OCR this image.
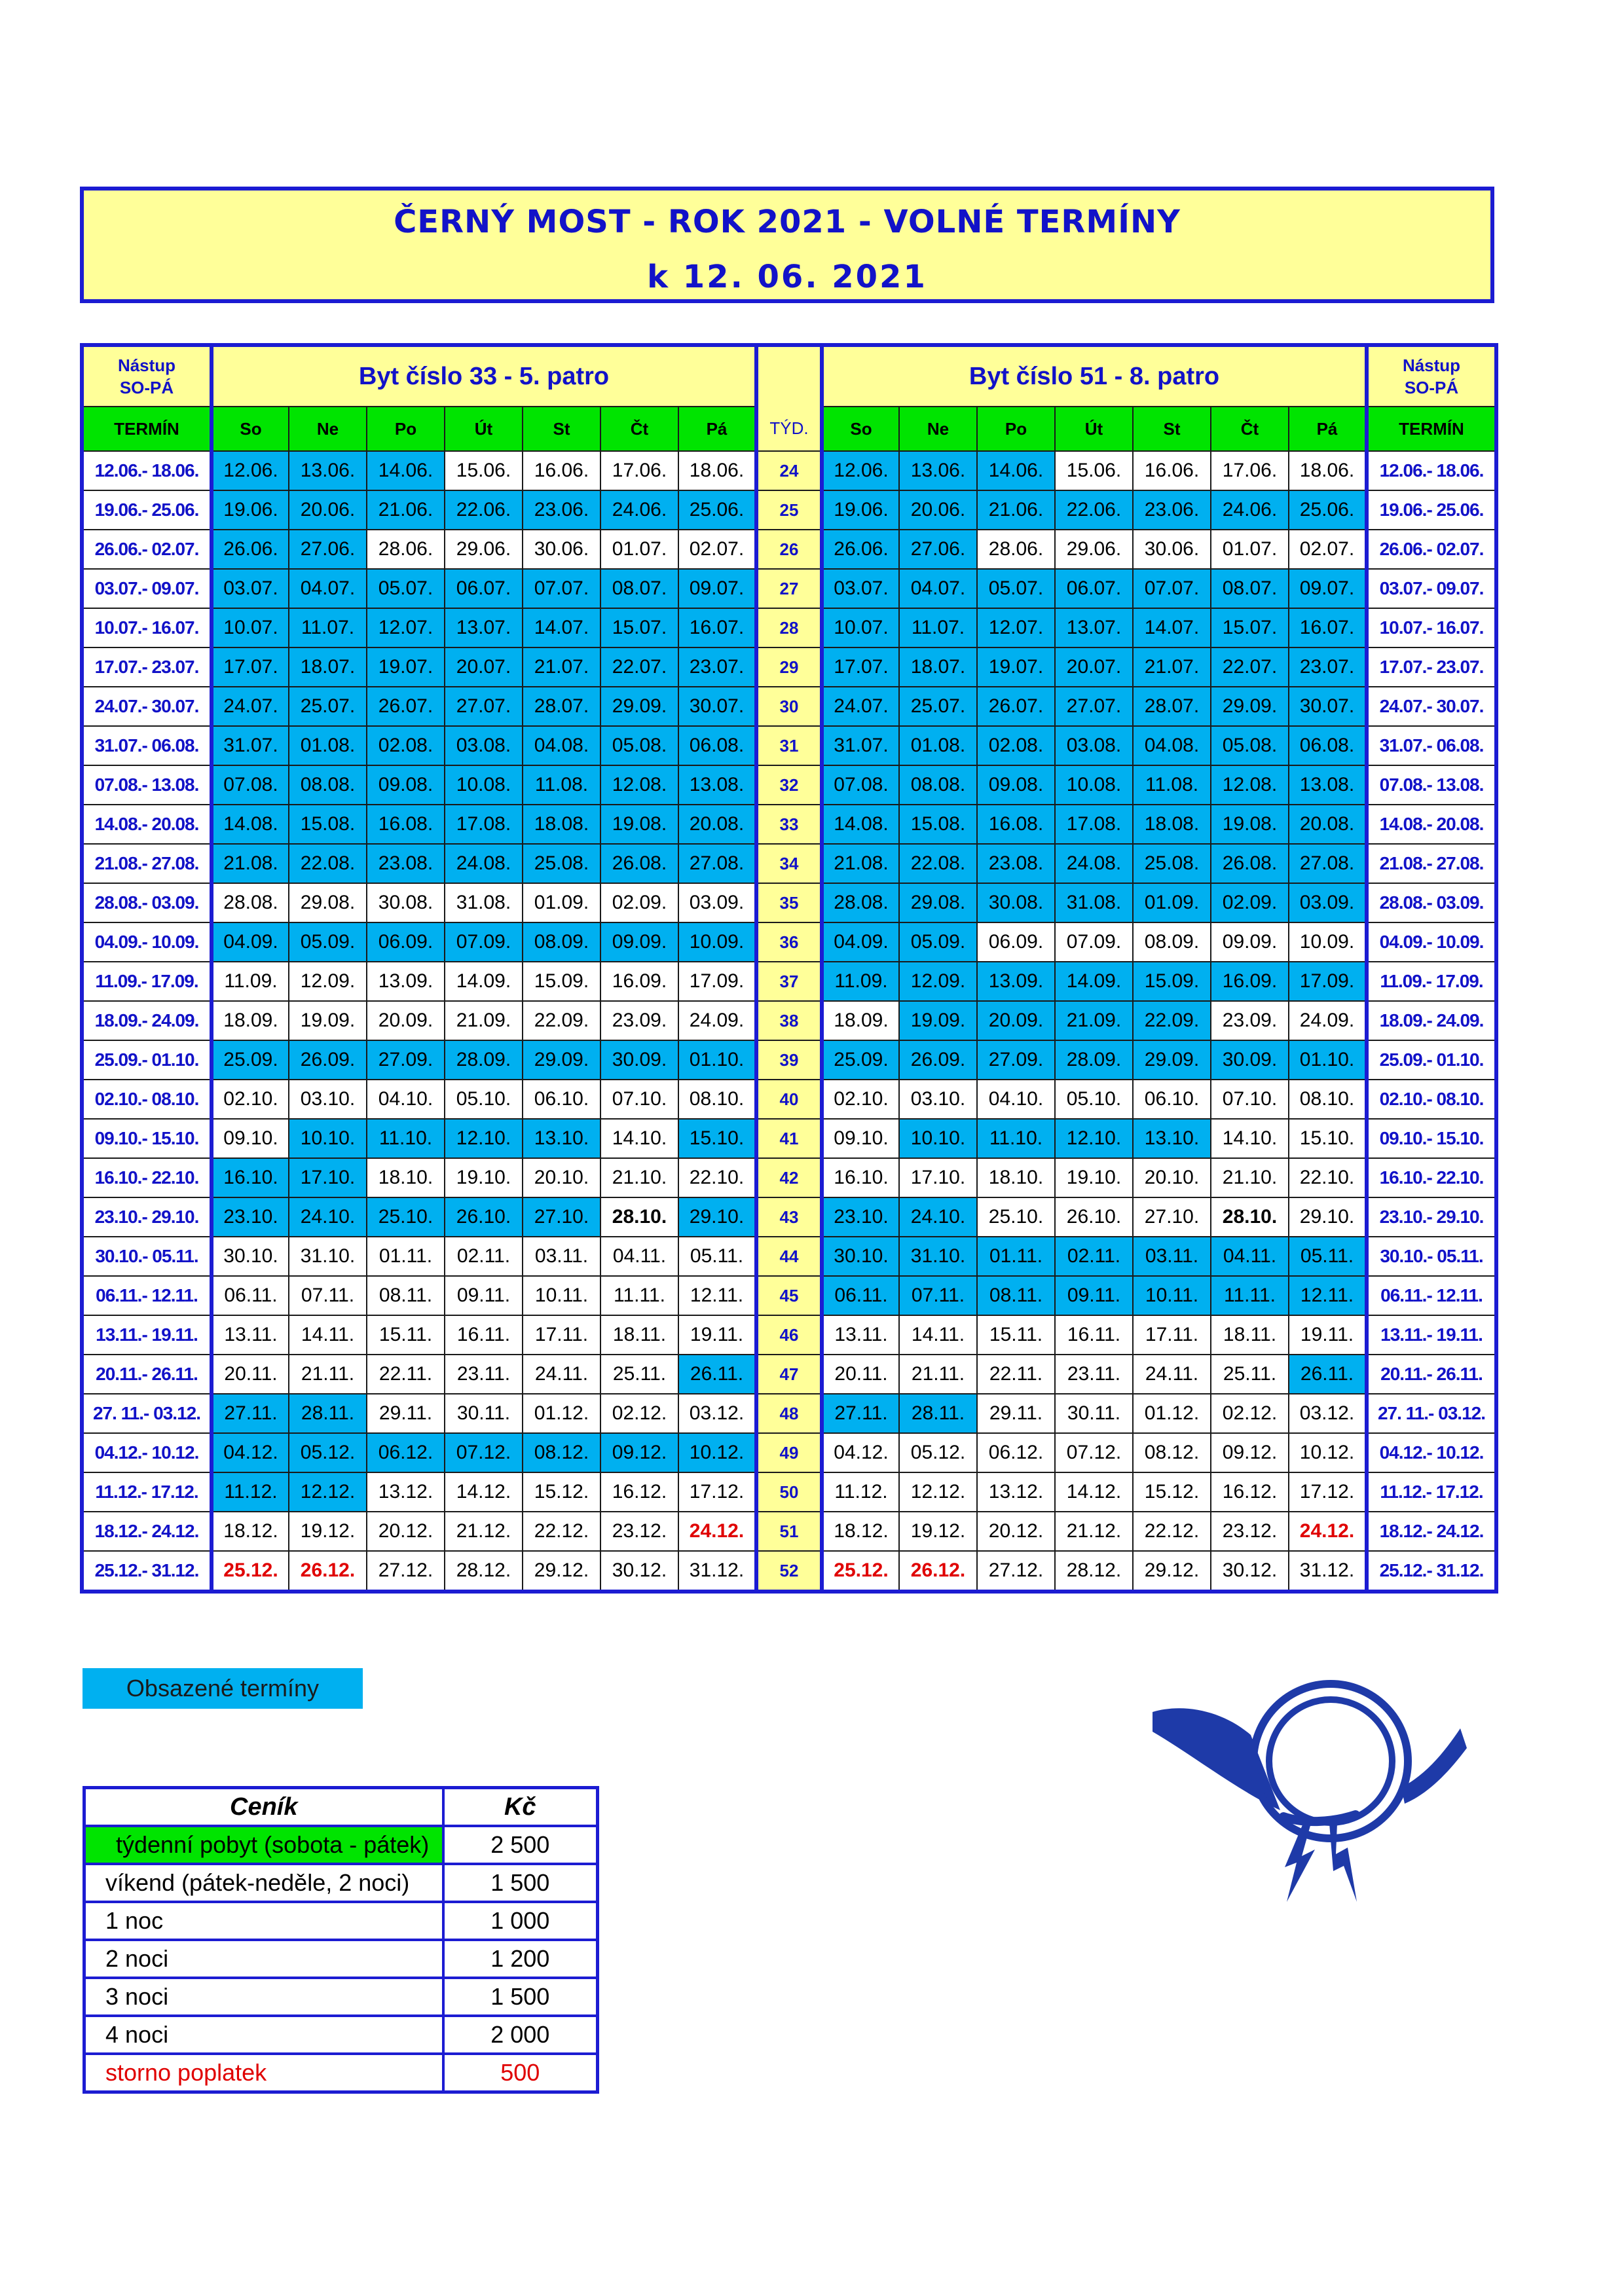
ČERNÝ MOST - ROK 2021 - VOLNÉ TERMÍNY
k 12. 06. 2021
Nástup
SO-PÁ	Byt číslo 33 - 5. patro							TÝD.	Byt číslo 51 - 8. patro							Nástup
SO-PÁ
TERMÍN	So	Ne	Po	Út	St	Čt	Pá		So	Ne	Po	Út	St	Čt	Pá	TERMÍN
12.06.- 18.06.	12.06.	13.06.	14.06.	15.06.	16.06.	17.06.	18.06.	24	12.06.	13.06.	14.06.	15.06.	16.06.	17.06.	18.06.	12.06.- 18.06.
19.06.- 25.06.	19.06.	20.06.	21.06.	22.06.	23.06.	24.06.	25.06.	25	19.06.	20.06.	21.06.	22.06.	23.06.	24.06.	25.06.	19.06.- 25.06.
26.06.- 02.07.	26.06.	27.06.	28.06.	29.06.	30.06.	01.07.	02.07.	26	26.06.	27.06.	28.06.	29.06.	30.06.	01.07.	02.07.	26.06.- 02.07.
03.07.- 09.07.	03.07.	04.07.	05.07.	06.07.	07.07.	08.07.	09.07.	27	03.07.	04.07.	05.07.	06.07.	07.07.	08.07.	09.07.	03.07.- 09.07.
10.07.- 16.07.	10.07.	11.07.	12.07.	13.07.	14.07.	15.07.	16.07.	28	10.07.	11.07.	12.07.	13.07.	14.07.	15.07.	16.07.	10.07.- 16.07.
17.07.- 23.07.	17.07.	18.07.	19.07.	20.07.	21.07.	22.07.	23.07.	29	17.07.	18.07.	19.07.	20.07.	21.07.	22.07.	23.07.	17.07.- 23.07.
24.07.- 30.07.	24.07.	25.07.	26.07.	27.07.	28.07.	29.09.	30.07.	30	24.07.	25.07.	26.07.	27.07.	28.07.	29.09.	30.07.	24.07.- 30.07.
31.07.- 06.08.	31.07.	01.08.	02.08.	03.08.	04.08.	05.08.	06.08.	31	31.07.	01.08.	02.08.	03.08.	04.08.	05.08.	06.08.	31.07.- 06.08.
07.08.- 13.08.	07.08.	08.08.	09.08.	10.08.	11.08.	12.08.	13.08.	32	07.08.	08.08.	09.08.	10.08.	11.08.	12.08.	13.08.	07.08.- 13.08.
14.08.- 20.08.	14.08.	15.08.	16.08.	17.08.	18.08.	19.08.	20.08.	33	14.08.	15.08.	16.08.	17.08.	18.08.	19.08.	20.08.	14.08.- 20.08.
21.08.- 27.08.	21.08.	22.08.	23.08.	24.08.	25.08.	26.08.	27.08.	34	21.08.	22.08.	23.08.	24.08.	25.08.	26.08.	27.08.	21.08.- 27.08.
28.08.- 03.09.	28.08.	29.08.	30.08.	31.08.	01.09.	02.09.	03.09.	35	28.08.	29.08.	30.08.	31.08.	01.09.	02.09.	03.09.	28.08.- 03.09.
04.09.- 10.09.	04.09.	05.09.	06.09.	07.09.	08.09.	09.09.	10.09.	36	04.09.	05.09.	06.09.	07.09.	08.09.	09.09.	10.09.	04.09.- 10.09.
11.09.- 17.09.	11.09.	12.09.	13.09.	14.09.	15.09.	16.09.	17.09.	37	11.09.	12.09.	13.09.	14.09.	15.09.	16.09.	17.09.	11.09.- 17.09.
18.09.- 24.09.	18.09.	19.09.	20.09.	21.09.	22.09.	23.09.	24.09.	38	18.09.	19.09.	20.09.	21.09.	22.09.	23.09.	24.09.	18.09.- 24.09.
25.09.- 01.10.	25.09.	26.09.	27.09.	28.09.	29.09.	30.09.	01.10.	39	25.09.	26.09.	27.09.	28.09.	29.09.	30.09.	01.10.	25.09.- 01.10.
02.10.- 08.10.	02.10.	03.10.	04.10.	05.10.	06.10.	07.10.	08.10.	40	02.10.	03.10.	04.10.	05.10.	06.10.	07.10.	08.10.	02.10.- 08.10.
09.10.- 15.10.	09.10.	10.10.	11.10.	12.10.	13.10.	14.10.	15.10.	41	09.10.	10.10.	11.10.	12.10.	13.10.	14.10.	15.10.	09.10.- 15.10.
16.10.- 22.10.	16.10.	17.10.	18.10.	19.10.	20.10.	21.10.	22.10.	42	16.10.	17.10.	18.10.	19.10.	20.10.	21.10.	22.10.	16.10.- 22.10.
23.10.- 29.10.	23.10.	24.10.	25.10.	26.10.	27.10.	28.10.	29.10.	43	23.10.	24.10.	25.10.	26.10.	27.10.	28.10.	29.10.	23.10.- 29.10.
30.10.- 05.11.	30.10.	31.10.	01.11.	02.11.	03.11.	04.11.	05.11.	44	30.10.	31.10.	01.11.	02.11.	03.11.	04.11.	05.11.	30.10.- 05.11.
06.11.- 12.11.	06.11.	07.11.	08.11.	09.11.	10.11.	11.11.	12.11.	45	06.11.	07.11.	08.11.	09.11.	10.11.	11.11.	12.11.	06.11.- 12.11.
13.11.- 19.11.	13.11.	14.11.	15.11.	16.11.	17.11.	18.11.	19.11.	46	13.11.	14.11.	15.11.	16.11.	17.11.	18.11.	19.11.	13.11.- 19.11.
20.11.- 26.11.	20.11.	21.11.	22.11.	23.11.	24.11.	25.11.	26.11.	47	20.11.	21.11.	22.11.	23.11.	24.11.	25.11.	26.11.	20.11.- 26.11.
27. 11.- 03.12.	27.11.	28.11.	29.11.	30.11.	01.12.	02.12.	03.12.	48	27.11.	28.11.	29.11.	30.11.	01.12.	02.12.	03.12.	27. 11.- 03.12.
04.12.- 10.12.	04.12.	05.12.	06.12.	07.12.	08.12.	09.12.	10.12.	49	04.12.	05.12.	06.12.	07.12.	08.12.	09.12.	10.12.	04.12.- 10.12.
11.12.- 17.12.	11.12.	12.12.	13.12.	14.12.	15.12.	16.12.	17.12.	50	11.12.	12.12.	13.12.	14.12.	15.12.	16.12.	17.12.	11.12.- 17.12.
18.12.- 24.12.	18.12.	19.12.	20.12.	21.12.	22.12.	23.12.	24.12.	51	18.12.	19.12.	20.12.	21.12.	22.12.	23.12.	24.12.	18.12.- 24.12.
25.12.- 31.12.	25.12.	26.12.	27.12.	28.12.	29.12.	30.12.	31.12.	52	25.12.	26.12.	27.12.	28.12.	29.12.	30.12.	31.12.	25.12.- 31.12.
Obsazené termíny
Ceník	Kč
týdenní pobyt (sobota - pátek)	2 500
víkend (pátek-neděle, 2 noci)	1 500
1 noc	1 000
2 noci	1 200
3 noci	1 500
4 noci	2 000
storno poplatek	500
